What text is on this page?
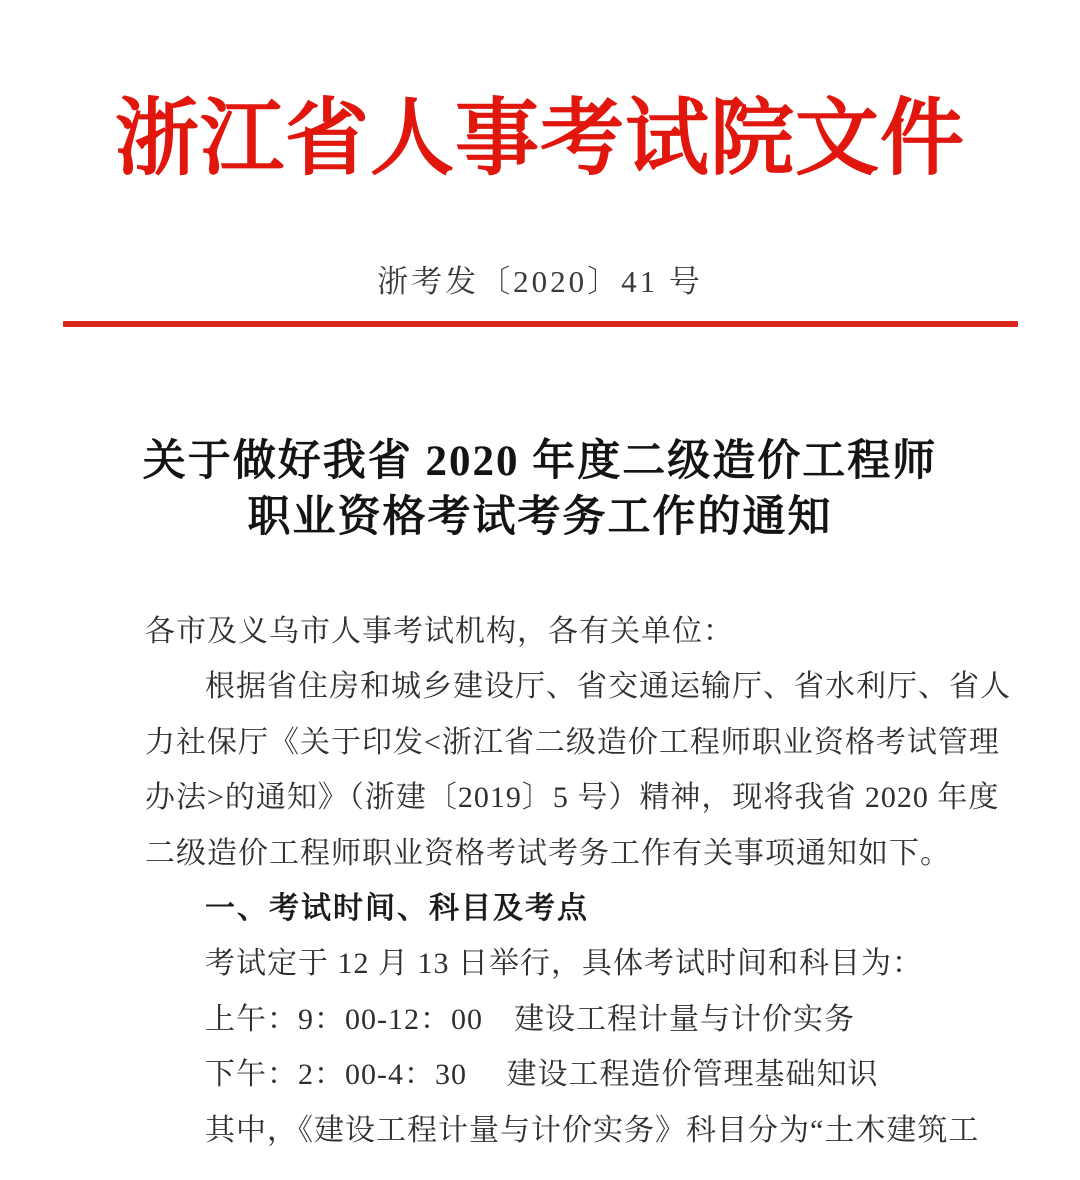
浙江省人事考试院文件
浙考发〔2020〕41 号
关于做好我省 2020 年度二级造价工程师
职业资格考试考务工作的通知
各市及义乌市人事考试机构，各有关单位：
根据省住房和城乡建设厅、省交通运输厅、省水利厅、省人
力社保厅《关于印发<浙江省二级造价工程师职业资格考试管理
办法>的通知》（浙建〔2019〕5 号）精神，现将我省 2020 年度
二级造价工程师职业资格考试考务工作有关事项通知如下。
一、考试时间、科目及考点
考试定于 12 月 13 日举行，具体考试时间和科目为：
上午：9：00-12：00　建设工程计量与计价实务
下午：2：00-4：30　 建设工程造价管理基础知识
其中，《建设工程计量与计价实务》科目分为“土木建筑工
